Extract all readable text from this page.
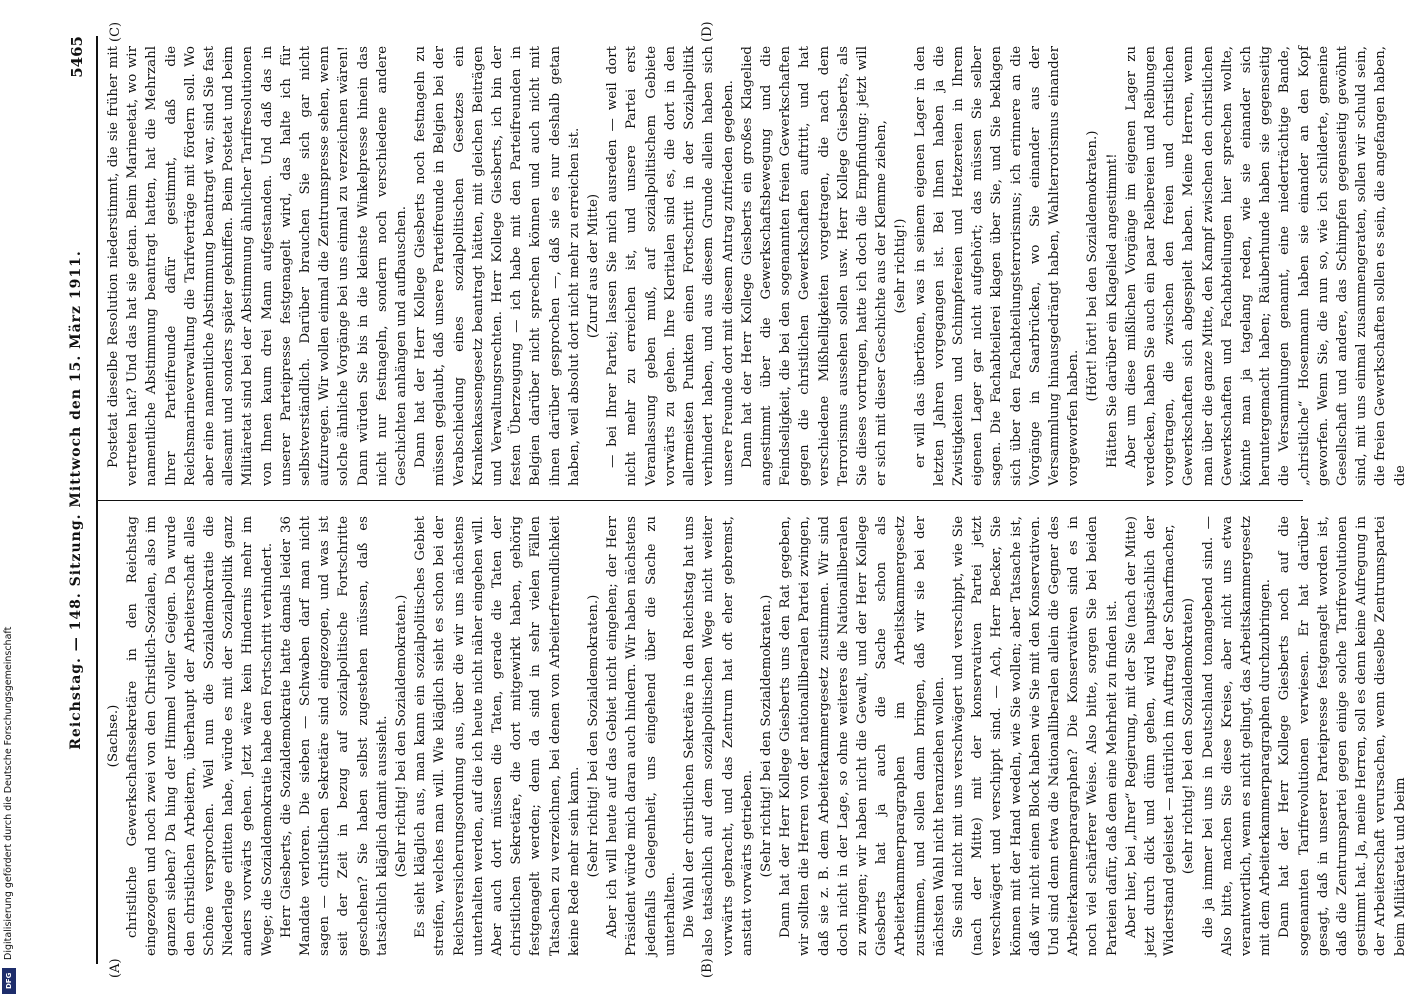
Reichstag. — 148. Sitzung. Mittwoch den 15. März 1911.
5465
(A)	(B)
(C)	(D)

(Sachse.) christliche Gewerkschaftssekretäre in den Reichstag eingezogen und noch zwei von den Christlich-Sozialen, also im ganzen sieben? Da hing der Himmel voller Geigen. Da wurde den christlichen Arbeitern, überhaupt der Arbeiterschaft alles Schöne versprochen. Weil nun die Sozialdemokratie die Niederlage erlitten habe, würde es mit der Sozialpolitik ganz anders vorwärts gehen. Jetzt wäre kein Hindernis mehr im Wege; die Sozialdemokratie habe den Fortschritt verhindert. Herr Giesberts, die Sozialdemokratie hatte damals leider 36 Mandate verloren. Die sieben — Schwaben darf man nicht sagen — christlichen Sekretäre sind eingezogen, und was ist seit der Zeit in bezug auf sozialpolitische Fortschritte geschehen? Sie haben selbst zugestehen müssen, daß es tatsächlich kläglich damit aussieht. (Sehr richtig! bei den Sozialdemokraten.) Es sieht kläglich aus, man kann ein sozialpolitisches Gebiet streifen, welches man will. Wie kläglich sieht es schon bei der Reichsversicherungsordnung aus, über die wir uns nächstens unterhalten werden, auf die ich heute nicht näher eingehen will. Aber auch dort müssen die Taten, gerade die Taten der christlichen Sekretäre, die dort mitgewirkt haben, gehörig festgenagelt werden; denn da sind in sehr vielen Fällen Tatsachen zu verzeichnen, bei denen von Arbeiterfreundlichkeit keine Rede mehr sein kann. (Sehr richtig! bei den Sozialdemokraten.) Aber ich will heute auf das Gebiet nicht eingehen; der Herr Präsident würde mich daran auch hindern. Wir haben nächstens jedenfalls Gelegenheit, uns eingehend über die Sache zu unterhalten. Die Wahl der christlichen Sekretäre in den Reichstag hat uns also tatsächlich auf dem sozialpolitischen Wege nicht weiter vorwärts gebracht, und das Zentrum hat oft eher gebremst, anstatt vorwärts getrieben. (Sehr richtig! bei den Sozialdemokraten.) Dann hat der Herr Kollege Giesberts uns den Rat gegeben, wir sollten die Herren von der nationalliberalen Partei zwingen, daß sie z. B. dem Arbeiterkammergesetz zustimmen. Wir sind doch nicht in der Lage, so ohne weiteres die Nationalliberalen zu zwingen; wir haben nicht die Gewalt, und der Herr Kollege Giesberts hat ja auch die Sache schon als Arbeiterkammerparagraphen im Arbeitskammergesetz zustimmen, und sollen dann bringen, daß wir sie bei der nächsten Wahl nicht heranziehen wollen. Sie sind nicht mit uns verschwägert und verschippt, wie Sie (nach der Mitte) mit der konservativen Partei jetzt verschwägert und verschippt sind. — Ach, Herr Becker, Sie können mit der Hand wedeln, wie Sie wollen; aber Tatsache ist, daß wir nicht einen Block haben wie Sie mit den Konservativen. Und sind denn etwa die Nationalliberalen allein die Gegner des Arbeiterkammerparagraphen? Die Konservativen sind es in noch viel schärferer Weise. Also bitte, sorgen Sie bei beiden Parteien dafür, daß dem eine Mehrheit zu finden ist. Aber hier, bei „Ihrer“ Regierung, mit der Sie (nach der Mitte) jetzt durch dick und dünn gehen, wird hauptsächlich der Widerstand geleistet — natürlich im Auftrag der Scharfmacher, (sehr richtig! bei den Sozialdemokraten) die ja immer bei uns in Deutschland tonangebend sind. — Also bitte, machen Sie diese Kreise, aber nicht uns etwa verantwortlich, wenn es nicht gelingt, das Arbeitskammergesetz mit dem Arbeiterkammerparagraphen durchzubringen. Dann hat der Herr Kollege Giesberts noch auf die sogenannten Tarifrevolutionen verwiesen. Er hat darüber gesagt, daß in unserer Parteipresse festgenagelt worden ist, daß die Zentrumspartei gegen einige solche Tarifrevolutionen gestimmt hat. Ja, meine Herren, soll es denn keine Aufregung in der Arbeiterschaft verursachen, wenn dieselbe Zentrumspartei beim Militäretat und beim

Postetat dieselbe Resolution niederstimmt, die sie früher mit vertreten hat? Und das hat sie getan. Beim Marineetat, wo wir namentliche Abstimmung beantragt hatten, hat die Mehrzahl Ihrer Parteifreunde dafür gestimmt, daß die Reichsmarineverwaltung die Tarifverträge mit fördern soll. Wo aber eine namentliche Abstimmung beantragt war, sind Sie fast allesamt und sonders später gekniffen. Beim Postetat und beim Militäretat sind bei der Abstimmung ähnlicher Tarifresolutionen von Ihnen kaum drei Mann aufgestanden. Und daß das in unserer Parteipresse festgenagelt wird, das halte ich für selbstverständlich. Darüber brauchen Sie sich gar nicht aufzuregen. Wir wollen einmal die Zentrumspresse sehen, wenn solche ähnliche Vorgänge bei uns einmal zu verzeichnen wären! Dann würden Sie bis in die kleinste Winkelpresse hinein das nicht nur festnageln, sondern noch verschiedene andere Geschichten anhängen und aufbauschen. Dann hat der Herr Kollege Giesberts noch festnageln zu müssen geglaubt, daß unsere Parteifreunde in Belgien bei der Verabschiedung eines sozialpolitischen Gesetzes ein Krankenkassengesetz beantragt hätten, mit gleichen Beiträgen und Verwaltungsrechten. Herr Kollege Giesberts, ich bin der festen Überzeugung — ich habe mit den Parteifreunden in Belgien darüber nicht sprechen können und auch nicht mit ihnen darüber gesprochen —, daß sie es nur deshalb getan haben, weil absolut dort nicht mehr zu erreichen ist. (Zuruf aus der Mitte) — bei Ihrer Partei; lassen Sie mich ausreden — weil dort nicht mehr zu erreichen ist, und unsere Partei erst Veranlassung geben muß, auf sozialpolitischem Gebiete vorwärts zu gehen. Ihre Kleritalen sind es, die dort in den allermeisten Punkten einen Fortschritt in der Sozialpolitik verhindert haben, und aus diesem Grunde allein haben sich unsere Freunde dort mit diesem Antrag zufrieden gegeben. Dann hat der Herr Kollege Giesberts ein großes Klagelied angestimmt über die Gewerkschaftsbewegung und die Feindseligkeit, die bei den sogenannten freien Gewerkschaften gegen die christlichen Gewerkschaften auftritt, und hat verschiedene Mißhelligkeiten vorgetragen, die nach dem Terrorismus aussehen sollen usw. Herr Kollege Giesberts, als Sie dieses vortrugen, hatte ich doch die Empfindung: jetzt will er sich mit dieser Geschichte aus der Klemme ziehen, (sehr richtig!) er will das übertönen, was in seinem eigenen Lager in den letzten Jahren vorgegangen ist. Bei Ihnen haben ja die Zwistigkeiten und Schimpfereien und Hetzereien in Ihrem eigenen Lager gar nicht aufgehört; das müssen Sie selber sagen. Die Fachabteilerei klagen über Sie, und Sie beklagen sich über den Fachabteilungsterrorismus; ich erinnere an die Vorgänge in Saarbrücken, wo Sie einander aus der Versammlung hinausgedrängt haben, Wahlterrorismus einander vorgeworfen haben.

(Hört! hört! bei den Sozialdemokraten.) Hätten Sie darüber ein Klagelied angestimmt! Aber um diese mißlichen Vorgänge im eigenen Lager zu verdecken, haben Sie auch ein paar Reibereien und Reibungen vorgetragen, die zwischen den freien und christlichen Gewerkschaften sich abgespielt haben. Meine Herren, wenn man über die ganze Mitte, den Kampf zwischen den christlichen Gewerkschaften und Fachabteilungen hier sprechen wollte, könnte man ja tagelang reden, wie sie einander sich heruntergemacht haben; Räuberhunde haben sie gegenseitig die Versammlungen genannt, eine niederträchtige Bande, „christliche“ Hosenmann haben sie einander an den Kopf geworfen. Wenn Sie, die nun so, wie ich schilderte, gemeine Gesellschaft und andere, das Schimpfen gegenseitig gewöhnt sind, mit uns einmal zusammengeraten, sollen wir schuld sein, die freien Gewerkschaften sollen es sein, die angefangen haben, die

DFG
Digitalisierung gefördert durch die Deutsche Forschungsgemeinschaft
